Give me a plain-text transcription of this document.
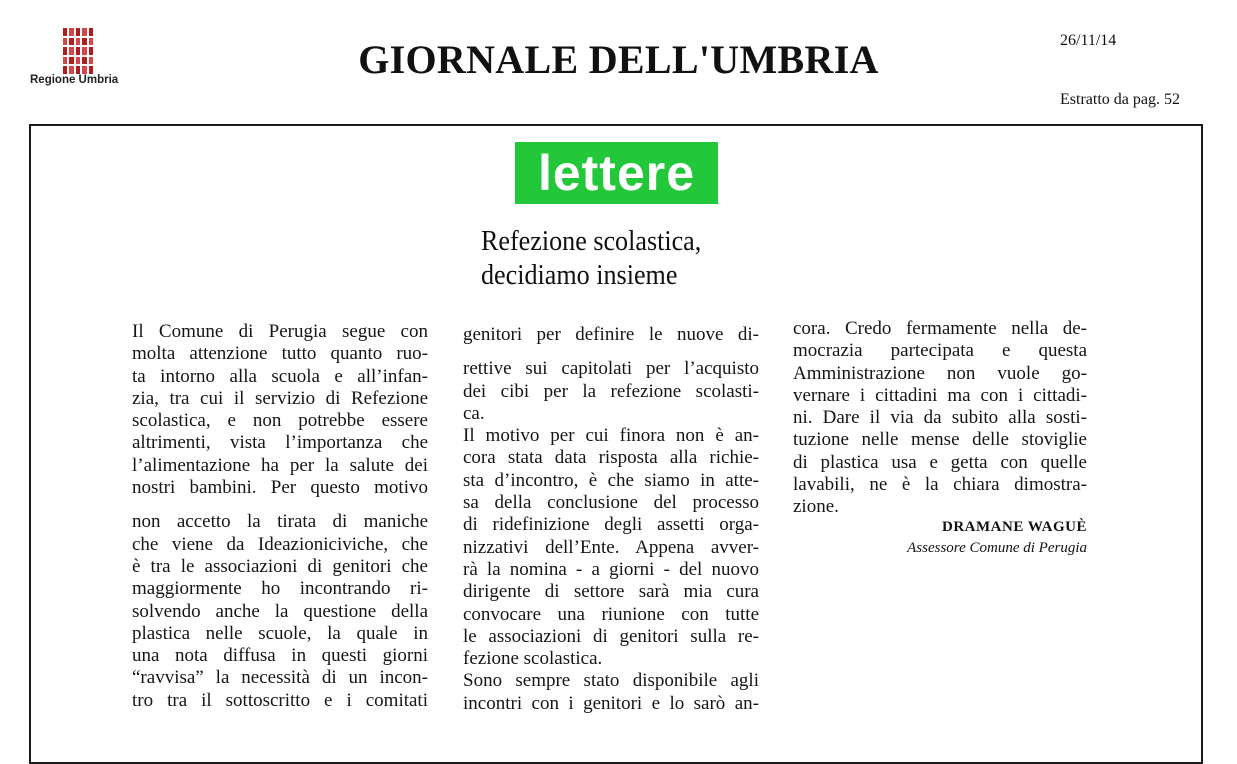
Regione Umbria	GIORNALE DELL'UMBRIA	26/11/14
Estratto da pag. 52
lettere
Refezione scolastica,
decidiamo insieme
Il Comune di Perugia segue con
molta attenzione tutto quanto ruo-
ta intorno alla scuola e all’infan-
zia, tra cui il servizio di Refezione
scolastica, e non potrebbe essere
altrimenti, vista l’importanza che
l’alimentazione ha per la salute dei
nostri bambini. Per questo motivo
non accetto la tirata di maniche
che viene da Ideazioniciviche, che
è tra le associazioni di genitori che
maggiormente ho incontrando ri-
solvendo anche la questione della
plastica nelle scuole, la quale in
una nota diffusa in questi giorni
“ravvisa” la necessità di un incon-
tro tra il sottoscritto e i comitati
genitori per definire le nuove di-
rettive sui capitolati per l’acquisto
dei cibi per la refezione scolasti-
ca.
Il motivo per cui finora non è an-
cora stata data risposta alla richie-
sta d’incontro, è che siamo in atte-
sa della conclusione del processo
di ridefinizione degli assetti orga-
nizzativi dell’Ente. Appena avver-
rà la nomina - a giorni - del nuovo
dirigente di settore sarà mia cura
convocare una riunione con tutte
le associazioni di genitori sulla re-
fezione scolastica.
Sono sempre stato disponibile agli
incontri con i genitori e lo sarò an-
cora. Credo fermamente nella de-
mocrazia partecipata e questa
Amministrazione non vuole go-
vernare i cittadini ma con i cittadi-
ni. Dare il via da subito alla sosti-
tuzione nelle mense delle stoviglie
di plastica usa e getta con quelle
lavabili, ne è la chiara dimostra-
zione.
DRAMANE WAGUÈ
Assessore Comune di Perugia
